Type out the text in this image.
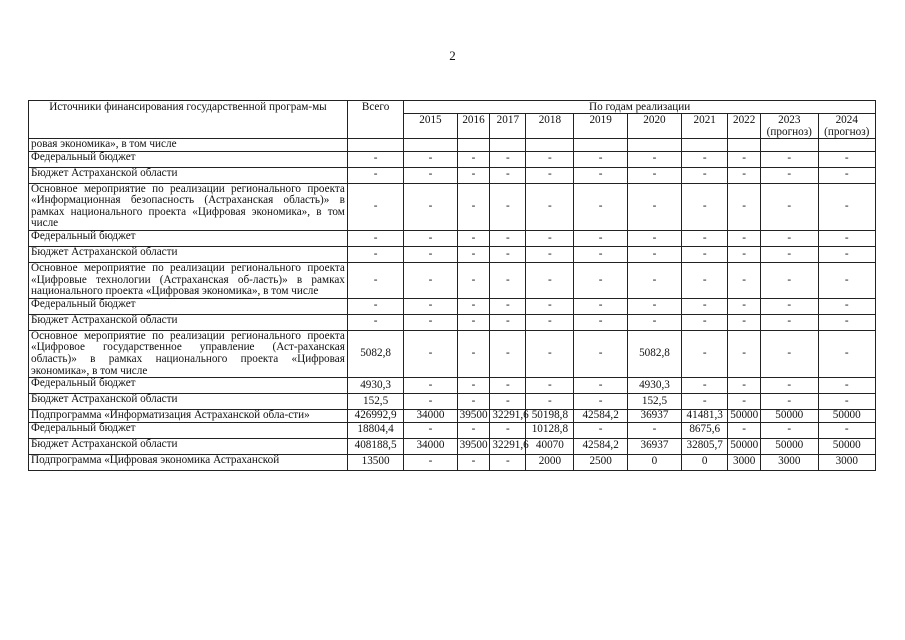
2
Источники финансирования государственной програм-мы	Всего	По годам реализации									
		2015	2016	2017	2018	2019	2020	2021	2022	2023 (прогноз)	2024 (прогноз)
ровая экономика», в том числе											
Федеральный бюджет	-	-	-	-	-	-	-	-	-	-	-
Бюджет Астраханской области	-	-	-	-	-	-	-	-	-	-	-
Основное мероприятие по реализации регионального проекта «Информационная безопасность (Астраханская область)» в рамках национального проекта «Цифровая экономика», в том числе	-	-	-	-	-	-	-	-	-	-	-
Федеральный бюджет	-	-	-	-	-	-	-	-	-	-	-
Бюджет Астраханской области	-	-	-	-	-	-	-	-	-	-	-
Основное мероприятие по реализации регионального проекта «Цифровые технологии (Астраханская об-ласть)» в рамках национального проекта «Цифровая экономика», в том числе	-	-	-	-	-	-	-	-	-	-	-
Федеральный бюджет	-	-	-	-	-	-	-	-	-	-	-
Бюджет Астраханской области	-	-	-	-	-	-	-	-	-	-	-
Основное мероприятие по реализации регионального проекта «Цифровое государственное управление (Аст-раханская область)» в рамках национального проекта «Цифровая экономика», в том числе	5082,8	-	-	-	-	-	5082,8	-	-	-	-
Федеральный бюджет	4930,3	-	-	-	-	-	4930,3	-	-	-	-
Бюджет Астраханской области	152,5	-	-	-	-	-	152,5	-	-	-	-
Подпрограмма «Информатизация Астраханской обла-сти»	426992,9	34000	39500	32291,6	50198,8	42584,2	36937	41481,3	50000	50000	50000
Федеральный бюджет	18804,4	-	-	-	10128,8	-	-	8675,6	-	-	-
Бюджет Астраханской области	408188,5	34000	39500	32291,6	40070	42584,2	36937	32805,7	50000	50000	50000
Подпрограмма «Цифровая экономика Астраханской	13500	-	-	-	2000	2500	0	0	3000	3000	3000
